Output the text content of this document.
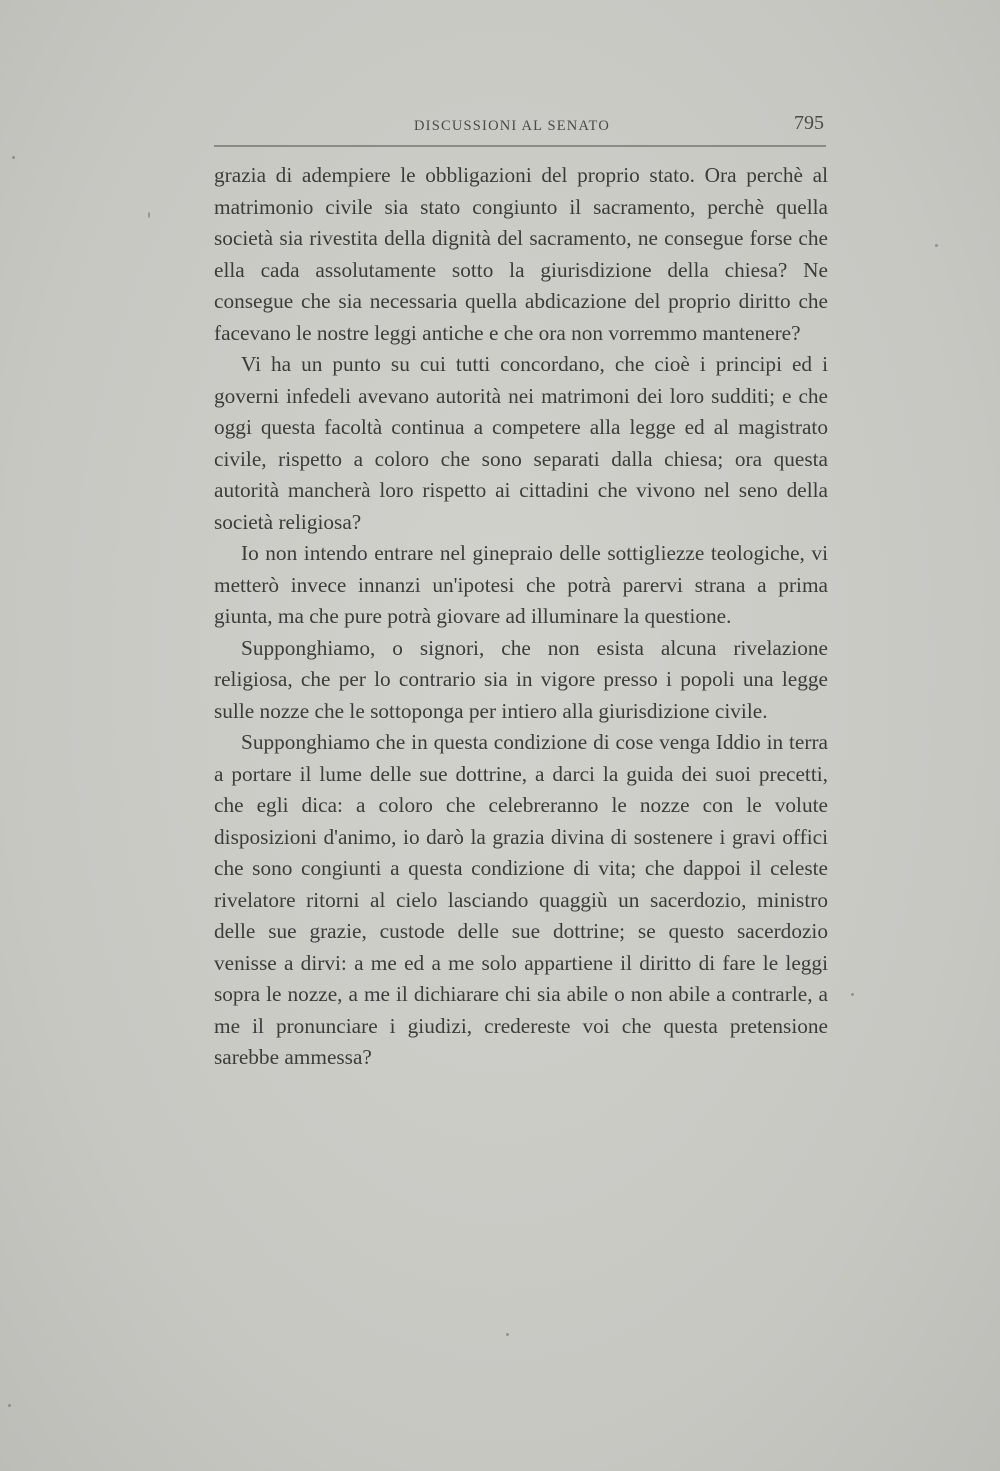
DISCUSSIONI AL SENATO	795

grazia di adempiere le obbligazioni del proprio stato. Ora perchè al matrimonio civile sia stato congiunto il sacramento, perchè quella società sia rivestita della dignità del sacramento, ne consegue forse che ella cada assolutamente sotto la giurisdizione della chiesa? Ne consegue che sia necessaria quella abdicazione del proprio diritto che facevano le nostre leggi antiche e che ora non vorremmo mantenere?

Vi ha un punto su cui tutti concordano, che cioè i principi ed i governi infedeli avevano autorità nei matrimoni dei loro sudditi; e che oggi questa facoltà continua a competere alla legge ed al magistrato civile, rispetto a coloro che sono separati dalla chiesa; ora questa autorità mancherà loro rispetto ai cittadini che vivono nel seno della società religiosa?

Io non intendo entrare nel ginepraio delle sottigliezze teologiche, vi metterò invece innanzi un'ipotesi che potrà parervi strana a prima giunta, ma che pure potrà giovare ad illuminare la questione.

Supponghiamo, o signori, che non esista alcuna rivelazione religiosa, che per lo contrario sia in vigore presso i popoli una legge sulle nozze che le sottoponga per intiero alla giurisdizione civile.

Supponghiamo che in questa condizione di cose venga Iddio in terra a portare il lume delle sue dottrine, a darci la guida dei suoi precetti, che egli dica: a coloro che celebreranno le nozze con le volute disposizioni d'animo, io darò la grazia divina di sostenere i gravi offici che sono congiunti a questa condizione di vita; che dappoi il celeste rivelatore ritorni al cielo lasciando quaggiù un sacerdozio, ministro delle sue grazie, custode delle sue dottrine; se questo sacerdozio venisse a dirvi: a me ed a me solo appartiene il diritto di fare le leggi sopra le nozze, a me il dichiarare chi sia abile o non abile a contrarle, a me il pronunciare i giudizi, credereste voi che questa pretensione sarebbe ammessa?
